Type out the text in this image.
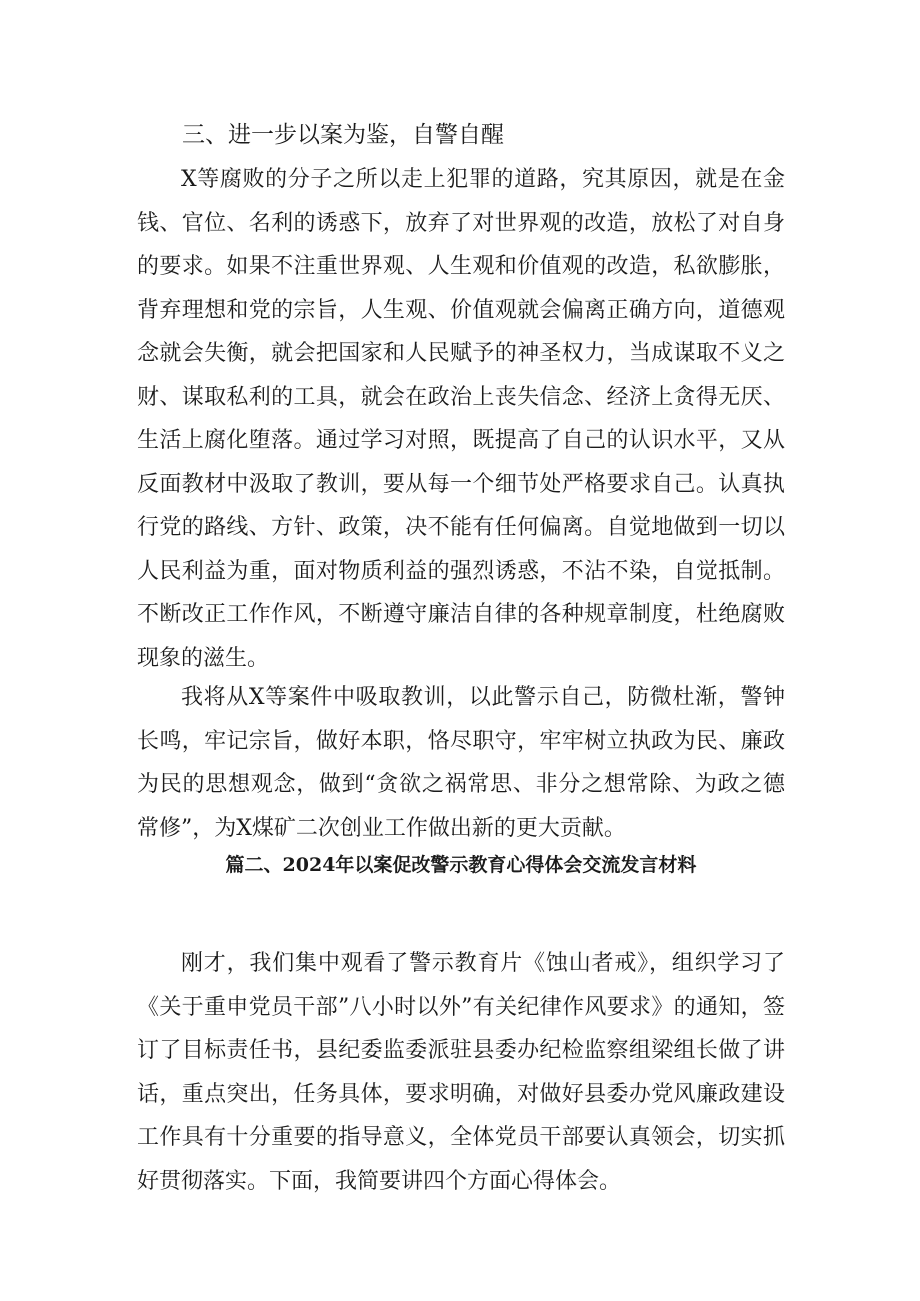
三、进一步以案为鉴，自警自醒

X等腐败的分子之所以走上犯罪的道路，究其原因，就是在金钱、官位、名利的诱惑下，放弃了对世界观的改造，放松了对自身的要求。如果不注重世界观、人生观和价值观的改造，私欲膨胀，背弃理想和党的宗旨，人生观、价值观就会偏离正确方向，道德观念就会失衡，就会把国家和人民赋予的神圣权力，当成谋取不义之财、谋取私利的工具，就会在政治上丧失信念、经济上贪得无厌、生活上腐化堕落。通过学习对照，既提高了自己的认识水平，又从反面教材中汲取了教训，要从每一个细节处严格要求自己。认真执行党的路线、方针、政策，决不能有任何偏离。自觉地做到一切以人民利益为重，面对物质利益的强烈诱惑，不沾不染，自觉抵制。不断改正工作作风，不断遵守廉洁自律的各种规章制度，杜绝腐败现象的滋生。

我将从X等案件中吸取教训，以此警示自己，防微杜渐，警钟长鸣，牢记宗旨，做好本职，恪尽职守，牢牢树立执政为民、廉政为民的思想观念，做到“贪欲之祸常思、非分之想常除、为政之德常修”，为X煤矿二次创业工作做出新的更大贡献。

篇二、2024年以案促改警示教育心得体会交流发言材料

刚才，我们集中观看了警示教育片《蚀山者戒》，组织学习了《关于重申党员干部”八小时以外”有关纪律作风要求》的通知，签订了目标责任书，县纪委监委派驻县委办纪检监察组梁组长做了讲话，重点突出，任务具体，要求明确，对做好县委办党风廉政建设工作具有十分重要的指导意义，全体党员干部要认真领会，切实抓好贯彻落实。下面，我简要讲四个方面心得体会。
